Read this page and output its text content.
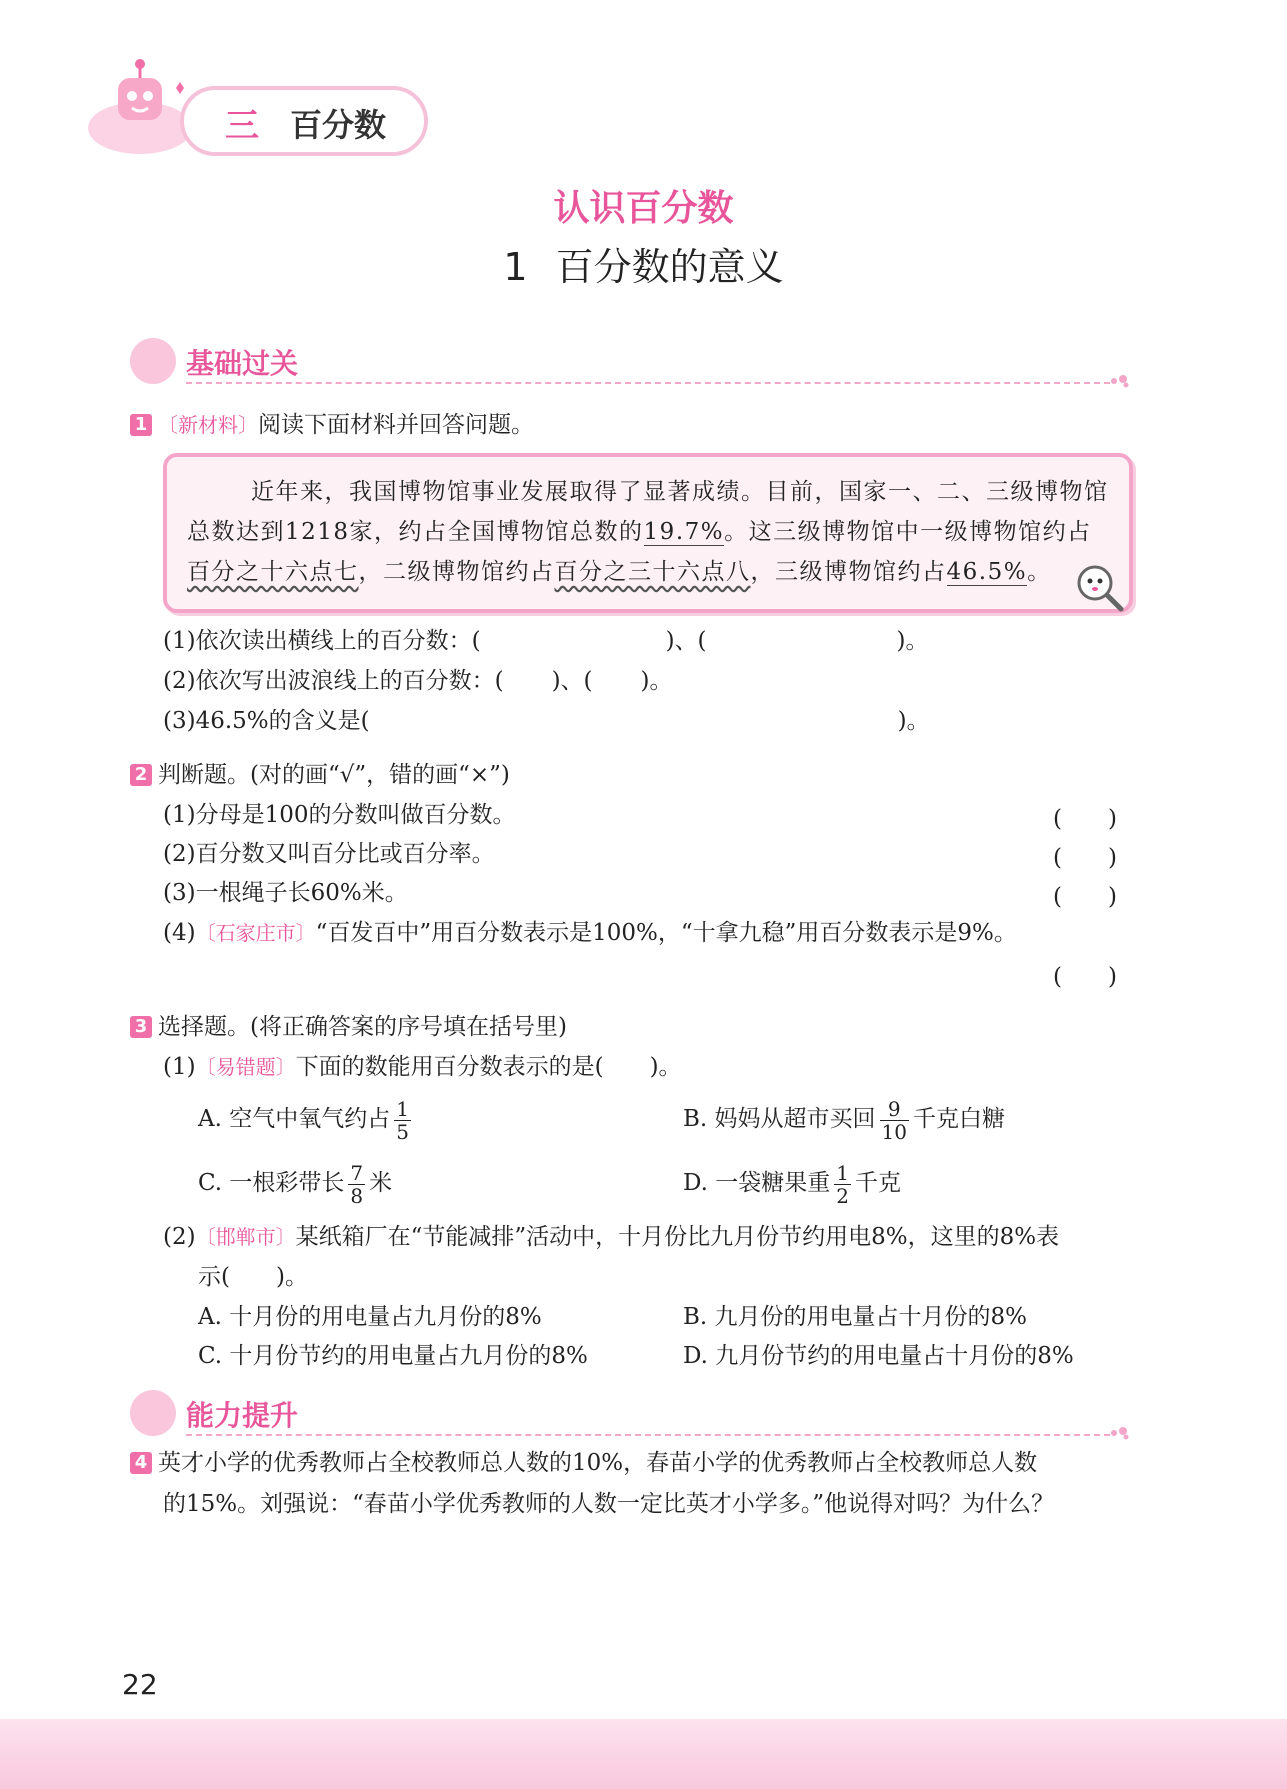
三 百分数
认识百分数
1 百分数的意义
基础过关
1 〔新材料〕阅读下面材料并回答问题。
近年来，我国博物馆事业发展取得了显著成绩。目前，国家一、二、三级博物馆
总数达到1218家，约占全国博物馆总数的19.7%。这三级博物馆中一级博物馆约占
百分之十六点七，二级博物馆约占百分之三十六点八，三级博物馆约占46.5%。
(1)依次读出横线上的百分数：(	)、(	)。
(2)依次写出波浪线上的百分数：( )、( )。
(3)46.5%的含义是(	)。
2 判断题。(对的画“√”，错的画“×”)
(1)分母是100的分数叫做百分数。	(　　)
(2)百分数又叫百分比或百分率。	(　　)
(3)一根绳子长60%米。	(　　)
(4)〔石家庄市〕“百发百中”用百分数表示是100%，“十拿九稳”用百分数表示是9%。
(　　)
3 选择题。(将正确答案的序号填在括号里)
(1)〔易错题〕下面的数能用百分数表示的是(　　)。
A. 空气中氧气约占 $\frac{1}{5}$	B. 妈妈从超市买回 $\frac{9}{10}$ 千克白糖
C. 一根彩带长 $\frac{7}{8}$ 米	D. 一袋糖果重 $\frac{1}{2}$ 千克
(2)〔邯郸市〕某纸箱厂在“节能减排”活动中，十月份比九月份节约用电8%，这里的8%表
示(　　)。
A. 十月份的用电量占九月份的8%	B. 九月份的用电量占十月份的8%
C. 十月份节约的用电量占九月份的8%	D. 九月份节约的用电量占十月份的8%
能力提升
4 英才小学的优秀教师占全校教师总人数的10%，春苗小学的优秀教师占全校教师总人数
的15%。刘强说：“春苗小学优秀教师的人数一定比英才小学多。”他说得对吗？为什么？
22
